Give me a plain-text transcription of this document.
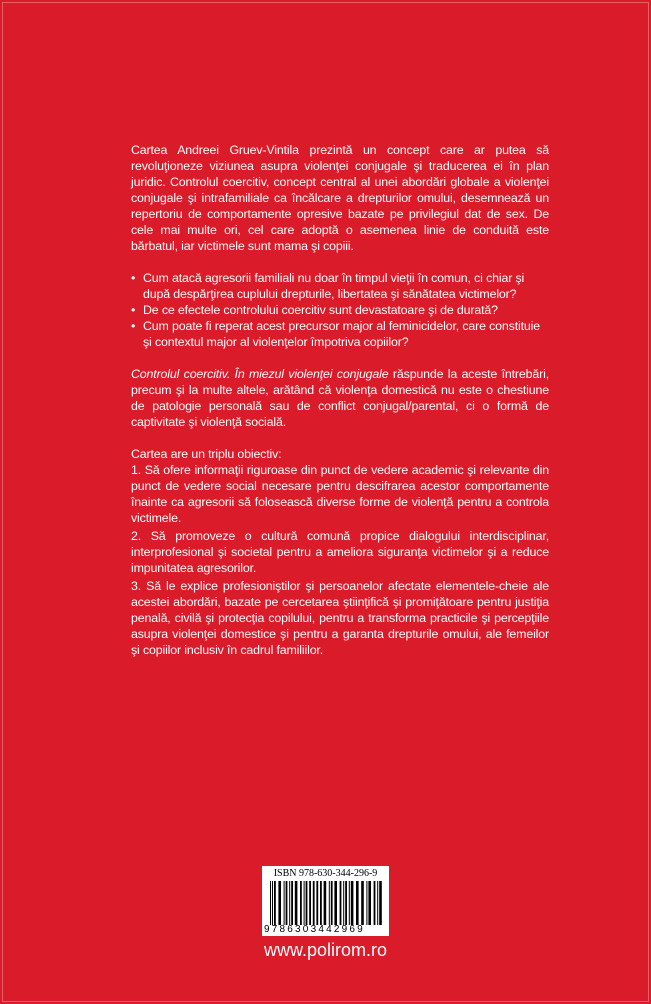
Cartea Andreei Gruev-Vintila prezintă un concept care ar putea să revoluţioneze viziunea asupra violenţei conjugale şi traducerea ei în plan juridic. Controlul coercitiv, concept central al unei abordări globale a violenţei conjugale şi intrafamiliale ca încălcare a drepturilor omului, desemnează un repertoriu de comportamente opresive bazate pe privilegiul dat de sex. De cele mai multe ori, cel care adoptă o asemenea linie de conduită este bărbatul, iar victimele sunt mama şi copiii.

• Cum atacă agresorii familiali nu doar în timpul vieţii în comun, ci chiar şi după despărţirea cuplului drepturile, libertatea şi sănătatea victimelor?
• De ce efectele controlului coercitiv sunt devastatoare şi de durată?
• Cum poate fi reperat acest precursor major al feminicidelor, care constituie şi contextul major al violenţelor împotriva copiilor?

Controlul coercitiv. În miezul violenţei conjugale răspunde la aceste întrebări, precum şi la multe altele, arătând că violenţa domestică nu este o chestiune de patologie personală sau de conflict conjugal/parental, ci o formă de captivitate şi violenţă socială.

Cartea are un triplu obiectiv:

1. Să ofere informaţii riguroase din punct de vedere academic şi relevante din punct de vedere social necesare pentru descifrarea acestor comportamente înainte ca agresorii să folosească diverse forme de violenţă pentru a controla victimele.

2. Să promoveze o cultură comună propice dialogului interdisciplinar, interprofesional şi societal pentru a ameliora siguranţa victimelor şi a reduce impunitatea agresorilor.

3. Să le explice profesioniştilor şi persoanelor afectate elementele-cheie ale acestei abordări, bazate pe cercetarea ştiinţifică şi promiţătoare pentru justiţia penală, civilă şi protecţia copilului, pentru a transforma practicile şi percepţiile asupra violenţei domestice şi pentru a garanta drepturile omului, ale femeilor şi copiilor inclusiv în cadrul familiilor.

ISBN 978-630-344-296-9
9786303442969
www.polirom.ro
